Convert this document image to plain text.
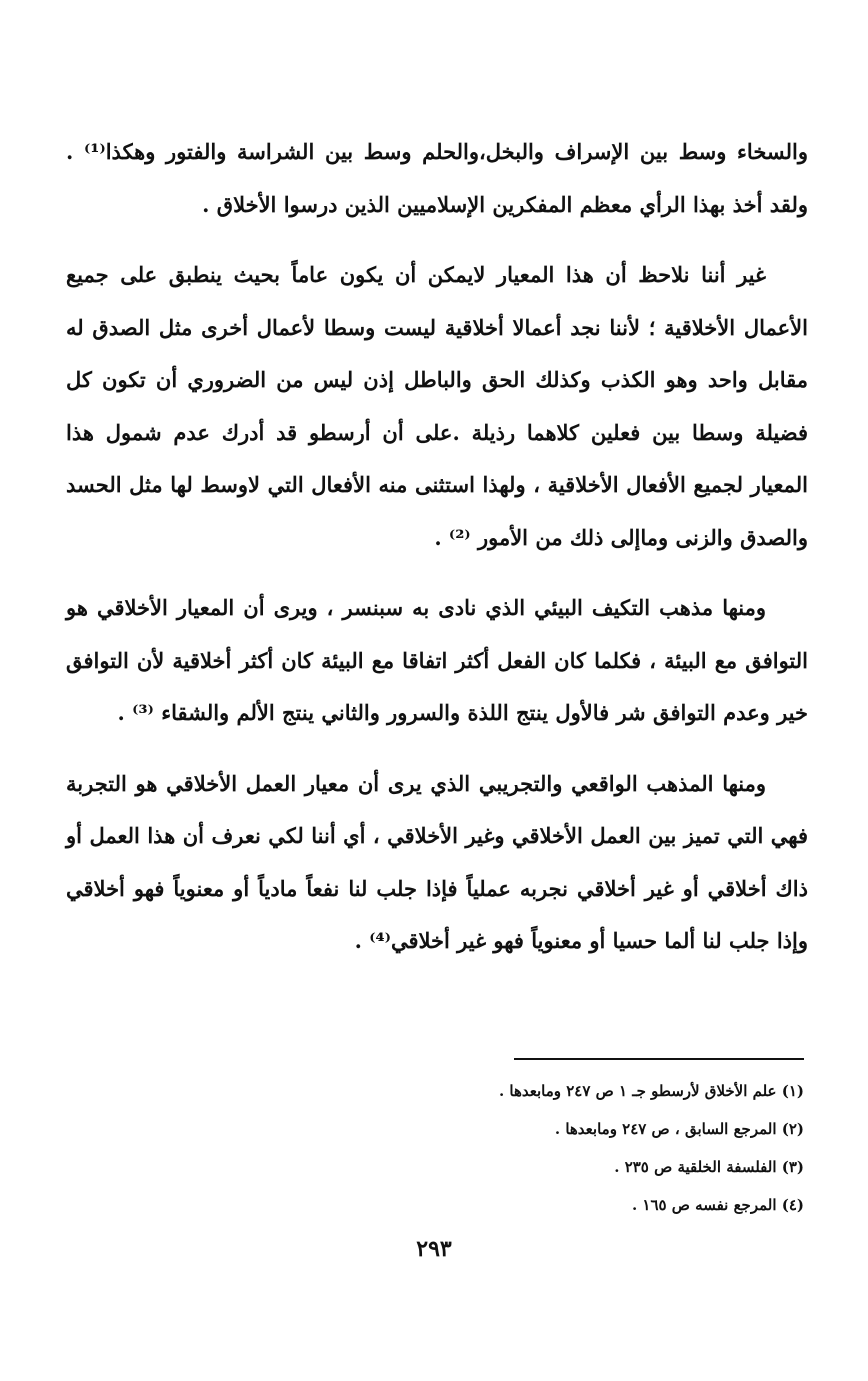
والسخاء وسط بين الإسراف والبخل،والحلم وسط بين الشراسة والفتور وهكذا⁽¹⁾ . ولقد أخذ بهذا الرأي معظم المفكرين الإسلاميين الذين درسوا الأخلاق .

غير أننا نلاحظ أن هذا المعيار لايمكن أن يكون عاماً بحيث ينطبق على جميع الأعمال الأخلاقية ؛ لأننا نجد أعمالا أخلاقية ليست وسطا لأعمال أخرى مثل الصدق له مقابل واحد وهو الكذب وكذلك الحق والباطل إذن ليس من الضروري أن تكون كل فضيلة وسطا بين فعلين كلاهما رذيلة .على أن أرسطو قد أدرك عدم شمول هذا المعيار لجميع الأفعال الأخلاقية ، ولهذا استثنى منه الأفعال التي لاوسط لها مثل الحسد والصدق والزنى وماإلى ذلك من الأمور ⁽²⁾ .

ومنها مذهب التكيف البيئي الذي نادى به سبنسر ، ويرى أن المعيار الأخلاقي هو التوافق مع البيئة ، فكلما كان الفعل أكثر اتفاقا مع البيئة كان أكثر أخلاقية لأن التوافق خير وعدم التوافق شر فالأول ينتج اللذة والسرور والثاني ينتج الألم والشقاء ⁽³⁾ .

ومنها المذهب الواقعي والتجريبي الذي يرى أن معيار العمل الأخلاقي هو التجربة فهي التي تميز بين العمل الأخلاقي وغير الأخلاقي ، أي أننا لكي نعرف أن هذا العمل أو ذاك أخلاقي أو غير أخلاقي نجربه عملياً فإذا جلب لنا نفعاً مادياً أو معنوياً فهو أخلاقي وإذا جلب لنا ألما حسيا أو معنوياً فهو غير أخلاقي⁽⁴⁾ .

(١) علم الأخلاق لأرسطو جـ ١ ص ٢٤٧ ومابعدها .
(٢) المرجع السابق ، ص ٢٤٧ ومابعدها .
(٣) الفلسفة الخلقية ص ٢٣٥ .
(٤) المرجع نفسه ص ١٦٥ .
٢٩٣
